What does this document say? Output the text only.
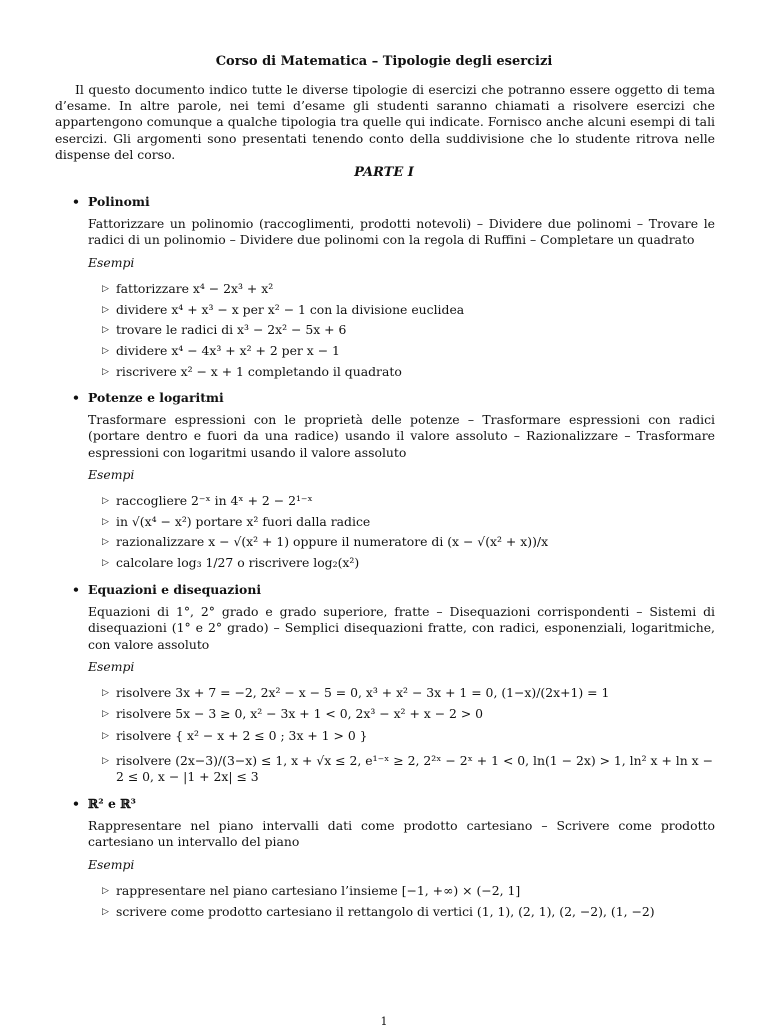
Corso di Matematica – Tipologie degli esercizi

Il questo documento indico tutte le diverse tipologie di esercizi che potranno essere oggetto di tema d’esame. In altre parole, nei temi d’esame gli studenti saranno chiamati a risolvere esercizi che appartengono comunque a qualche tipologia tra quelle qui indicate. Fornisco anche alcuni esempi di tali esercizi. Gli argomenti sono presentati tenendo conto della suddivisione che lo studente ritrova nelle dispense del corso.

PARTE I
• Polinomi
Fattorizzare un polinomio (raccoglimenti, prodotti notevoli) – Dividere due polinomi – Trovare le radici di un polinomio – Dividere due polinomi con la regola di Ruffini – Completare un quadrato
Esempi
▷ fattorizzare x⁴ − 2x³ + x²
▷ dividere x⁴ + x³ − x per x² − 1 con la divisione euclidea
▷ trovare le radici di x³ − 2x² − 5x + 6
▷ dividere x⁴ − 4x³ + x² + 2 per x − 1
▷ riscrivere x² − x + 1 completando il quadrato
• Potenze e logaritmi
Trasformare espressioni con le proprietà delle potenze – Trasformare espressioni con radici (portare dentro e fuori da una radice) usando il valore assoluto – Razionalizzare – Trasformare espressioni con logaritmi usando il valore assoluto
Esempi
▷ raccogliere 2⁻ˣ in 4ˣ + 2 − 2¹⁻ˣ
▷ in √(x⁴ − x²) portare x² fuori dalla radice
▷ razionalizzare x − √(x² + 1) oppure il numeratore di (x − √(x² + x))/x
▷ calcolare log₃ 1/27 o riscrivere log₂(x²)
• Equazioni e disequazioni
Equazioni di 1°, 2° grado e grado superiore, fratte – Disequazioni corrispondenti – Sistemi di disequazioni (1° e 2° grado) – Semplici disequazioni fratte, con radici, esponenziali, logaritmiche, con valore assoluto
Esempi
▷ risolvere 3x + 7 = −2, 2x² − x − 5 = 0, x³ + x² − 3x + 1 = 0, (1−x)/(2x+1) = 1
▷ risolvere 5x − 3 ≥ 0, x² − 3x + 1 < 0, 2x³ − x² + x − 2 > 0
▷ risolvere { x² − x + 2 ≤ 0 ; 3x + 1 > 0 }
▷ risolvere (2x−3)/(3−x) ≤ 1, x + √x ≤ 2, e¹⁻ˣ ≥ 2, 2²ˣ − 2ˣ + 1 < 0, ln(1 − 2x) > 1, ln² x + ln x − 2 ≤ 0, x − |1 + 2x| ≤ 3
• ℝ² e ℝ³
Rappresentare nel piano intervalli dati come prodotto cartesiano – Scrivere come prodotto cartesiano un intervallo del piano
Esempi
▷ rappresentare nel piano cartesiano l’insieme [−1, +∞) × (−2, 1]
▷ scrivere come prodotto cartesiano il rettangolo di vertici (1, 1), (2, 1), (2, −2), (1, −2)
1
